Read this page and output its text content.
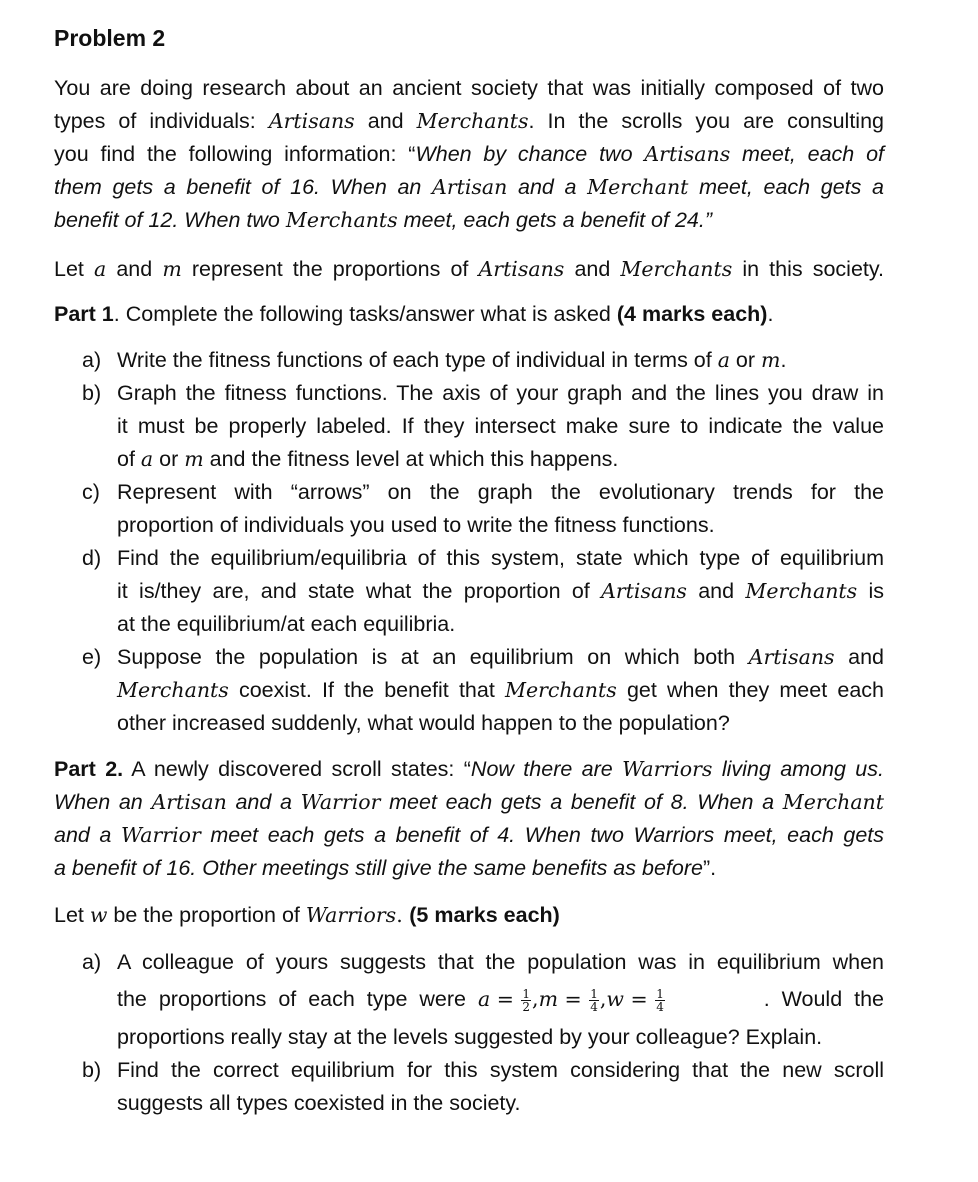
Problem 2
You are doing research about an ancient society that was initially composed of two
types of individuals: Artisans and Merchants. In the scrolls you are consulting
you find the following information: “When by chance two Artisans meet, each of
them gets a benefit of 16. When an Artisan and a Merchant meet, each gets a
benefit of 12. When two Merchants meet, each gets a benefit of 24.”
Let a and m represent the proportions of Artisans and Merchants in this society.
Part 1. Complete the following tasks/answer what is asked (4 marks each).
a) Write the fitness functions of each type of individual in terms of a or m.
b) Graph the fitness functions. The axis of your graph and the lines you draw in
it must be properly labeled. If they intersect make sure to indicate the value
of a or m and the fitness level at which this happens.
c) Represent with “arrows” on the graph the evolutionary trends for the
proportion of individuals you used to write the fitness functions.
d) Find the equilibrium/equilibria of this system, state which type of equilibrium
it is/they are, and state what the proportion of Artisans and Merchants is
at the equilibrium/at each equilibria.
e) Suppose the population is at an equilibrium on which both Artisans and
Merchants coexist. If the benefit that Merchants get when they meet each
other increased suddenly, what would happen to the population?
Part 2. A newly discovered scroll states: “Now there are Warriors living among us.
When an Artisan and a Warrior meet each gets a benefit of 8. When a Merchant
and a Warrior meet each gets a benefit of 4. When two Warriors meet, each gets
a benefit of 16. Other meetings still give the same benefits as before”.
Let w be the proportion of Warriors. (5 marks each)
a) A colleague of yours suggests that the population was in equilibrium when
the  proportions  of  each  type  were  $a = \frac{1}{2} ,m = \frac{1}{4} ,w = \frac{1}{4}$	.  Would  the
proportions really stay at the levels suggested by your colleague? Explain.
b) Find the correct equilibrium for this system considering that the new scroll
suggests all types coexisted in the society.
